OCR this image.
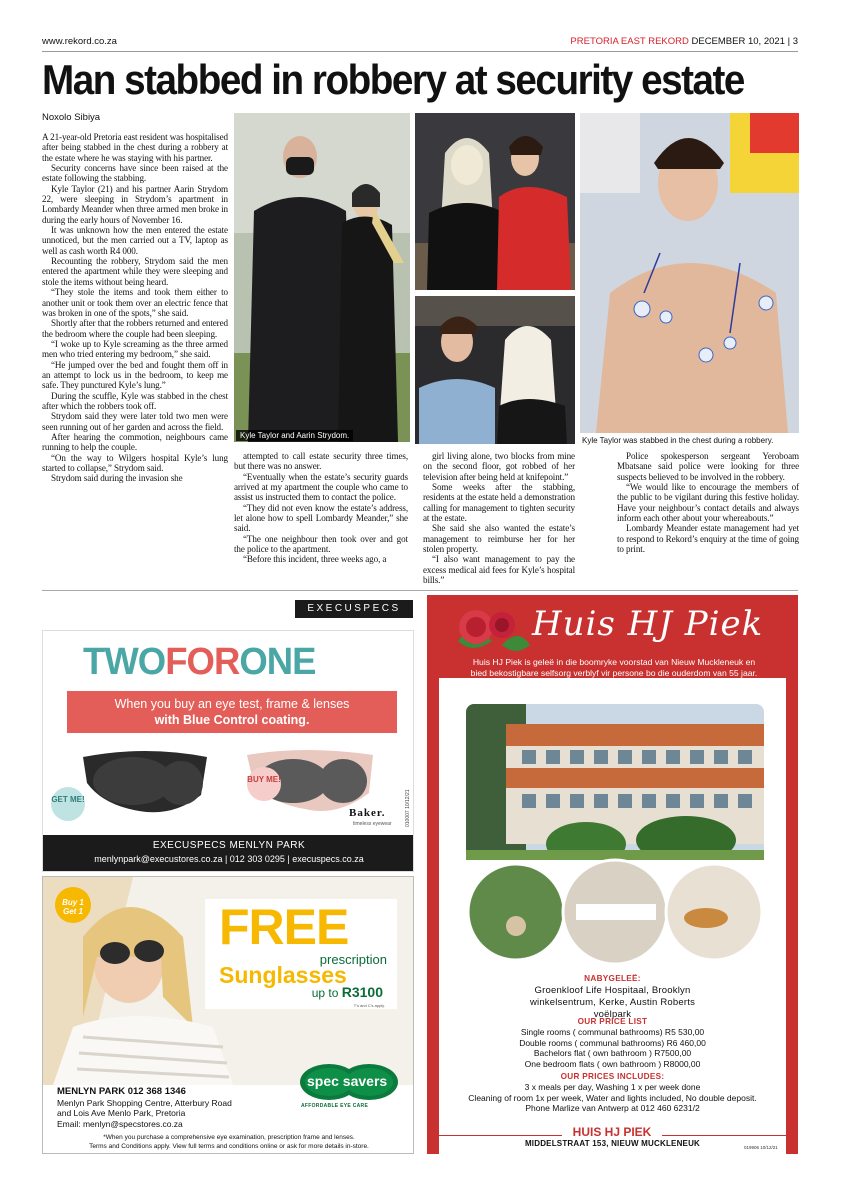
www.rekord.co.za	PRETORIA EAST REKORD DECEMBER 10, 2021 | 3
Man stabbed in robbery at security estate
Noxolo Sibiya

A 21-year-old Pretoria east resident was hospitalised after being stabbed in the chest during a robbery at the estate where he was staying with his partner.

Security concerns have since been raised at the estate following the stabbing.

Kyle Taylor (21) and his partner Aarin Strydom 22, were sleeping in Strydom’s apartment in Lombardy Meander when three armed men broke in during the early hours of November 16.

It was unknown how the men entered the estate unnoticed, but the men carried out a TV, laptop as well as cash worth R4 000.

Recounting the robbery, Strydom said the men entered the apartment while they were sleeping and stole the items without being heard.

“They stole the items and took them either to another unit or took them over an electric fence that was broken in one of the spots,” she said.

Shortly after that the robbers returned and entered the bedroom where the couple had been sleeping.

“I woke up to Kyle screaming as the three armed men who tried entering my bedroom,” she said.

“He jumped over the bed and fought them off in an attempt to lock us in the bedroom, to keep me safe. They punctured Kyle’s lung.”

During the scuffle, Kyle was stabbed in the chest after which the robbers took off.

Strydom said they were later told two men were seen running out of her garden and across the field.

After hearing the commotion, neighbours came running to help the couple.

“On the way to Wilgers hospital Kyle’s lung started to collapse,” Strydom said.

Strydom said during the invasion she

attempted to call estate security three times, but there was no answer.

“Eventually when the estate’s security guards arrived at my apartment the couple who came to assist us instructed them to contact the police.

“They did not even know the estate’s address, let alone how to spell Lombardy Meander,” she said.

“The one neighbour then took over and got the police to the apartment.

“Before this incident, three weeks ago, a

girl living alone, two blocks from mine on the second floor, got robbed of her television after being held at knifepoint.”

Some weeks after the stabbing, residents at the estate held a demonstration calling for management to tighten security at the estate.

She said she also wanted the estate’s management to reimburse her for her stolen property.

“I also want management to pay the excess medical aid fees for Kyle’s hospital bills.”

Police spokesperson sergeant Yeroboam Mbatsane said police were looking for three suspects believed to be involved in the robbery.

“We would like to encourage the members of the public to be vigilant during this festive holiday. Have your neighbour’s contact details and always inform each other about your whereabouts.”

Lombardy Meander estate management had yet to respond to Rekord’s enquiry at the time of going to print.

Kyle Taylor and Aarin Strydom.
Kyle Taylor was stabbed in the chest during a robbery.
EXECUSPECS
TWOFORONE
When you buy an eye test, frame & lenses
with Blue Control coating.
GET ME!
BUY ME!
Baker.
timeless eyewear	010007 10/12/21
EXECUSPECS MENLYN PARK
menlynpark@execustores.co.za | 012 303 0295 | execuspecs.co.za
Buy 1 Get 1	FREE
prescription
Sunglasses
up to R3100
T's and C's apply.
spec savers
AFFORDABLE EYE CARE
MENLYN PARK 012 368 1346
Menlyn Park Shopping Centre, Atterbury Road
and Lois Ave Menlo Park, Pretoria
Email: menlyn@specstores.co.za
*When you purchase a comprehensive eye examination, prescription frame and lenses.
Terms and Conditions apply. View full terms and conditions online or ask for more details in-store.
Huis HJ Piek
Huis HJ Piek is geleë in die boomryke voorstad van Nieuw Muckleneuk en bied bekostigbare selfsorg verblyf vir persone bo die ouderdom van 55 jaar.
NABYGELEË:
Groenkloof Life Hospitaal, Brooklyn winkelsentrum, Kerke, Austin Roberts voëlpark
OUR PRICE LIST
Single rooms ( communal bathrooms) R5 530,00
Double rooms ( communal bathrooms) R6 460,00
Bachelors flat ( own bathroom ) R7500,00
One bedroom flats ( own bathroom ) R8000,00
OUR PRICES INCLUDES:
3 x meals per day, Washing 1 x per week done
Cleaning of room 1x per week, Water and lights included, No double deposit.
Phone Marlize van Antwerp at 012 460 6231/2
HUIS HJ PIEK
MIDDELSTRAAT 153, NIEUW MUCKLENEUK	019906 10/12/21
